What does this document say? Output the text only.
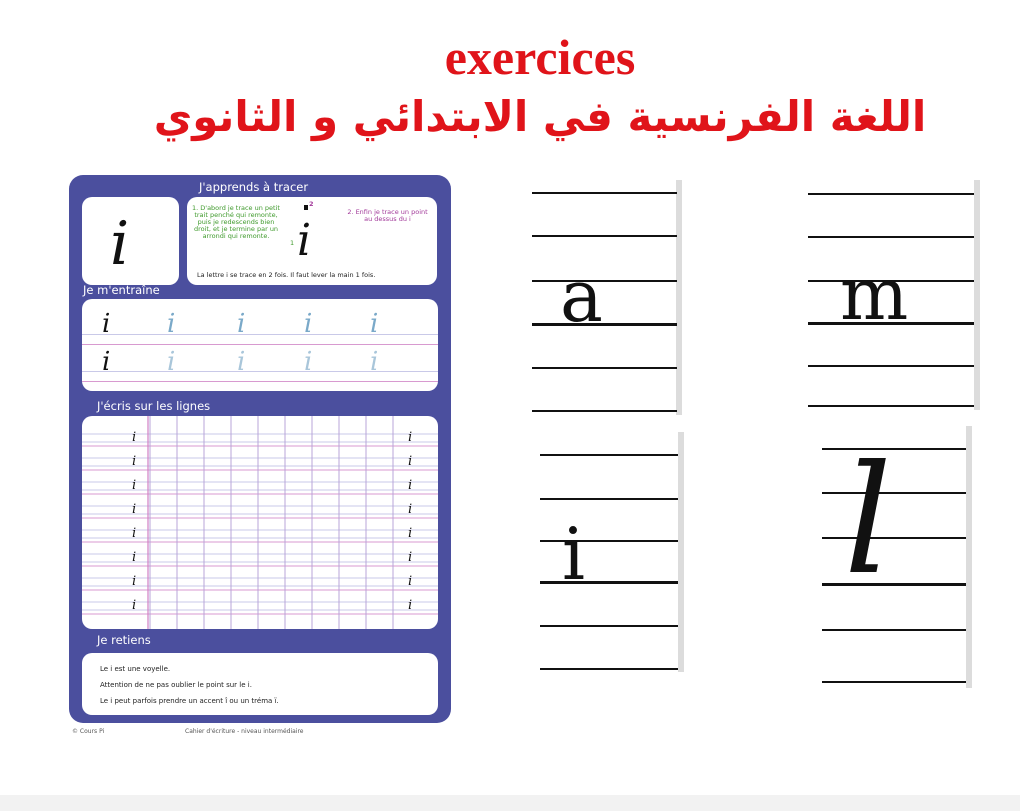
exercices
اللغة الفرنسية في الابتدائي و الثانوي
J'apprends à tracer
i
1. D'abord je trace un petit trait penché qui remonte, puis je redescends bien droit, et je termine par un arrondi qui remonte.
2
1 i
2. Enfin je trace un point au dessus du i
La lettre i se trace en 2 fois. Il faut lever la main 1 fois.
Je m'entraîne
i i i i i
i i i i i
J'écris sur les lignes
i
i
i
i
i
i
i
i
i
i
i
i
i
i
i
i
Je retiens
Le i est une voyelle.
Attention de ne pas oublier le point sur le i.
Le i peut parfois prendre un accent î ou un tréma ï.
© Cours Pi	Cahier d'écriture - niveau intermédiaire
a	m
i l
